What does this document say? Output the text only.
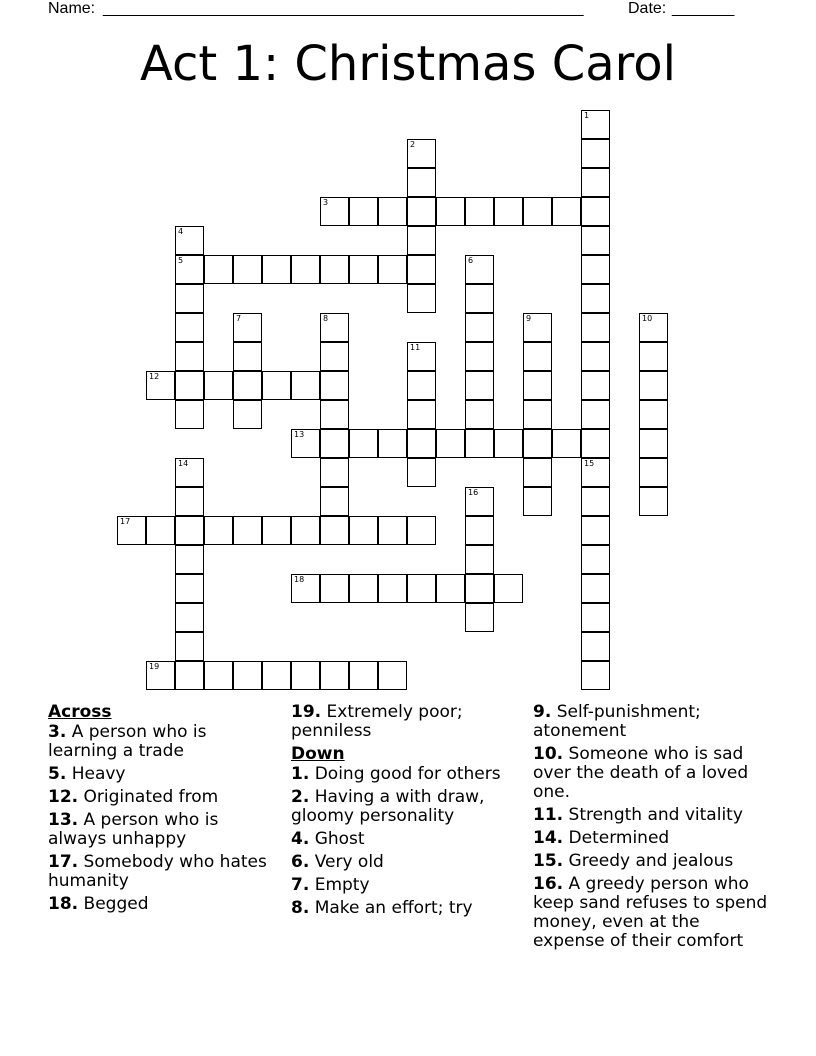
Name: ______________________________________________________	Date: _______
Act 1: Christmas Carol
1
15
2
3
4
5	6
7	8	9	10
11
12
13
14
16
17
18
19
Across
3. A person who is learning a trade
5. Heavy
12. Originated from
13. A person who is always unhappy
17. Somebody who hates humanity
18. Begged
19. Extremely poor; penniless
Down
1. Doing good for others
2. Having a with draw, gloomy personality
4. Ghost
6. Very old
7. Empty
8. Make an effort; try
9. Self-punishment; atonement
10. Someone who is sad over the death of a loved one.
11. Strength and vitality
14. Determined
15. Greedy and jealous
16. A greedy person who keep sand refuses to spend money, even at the expense of their comfort
